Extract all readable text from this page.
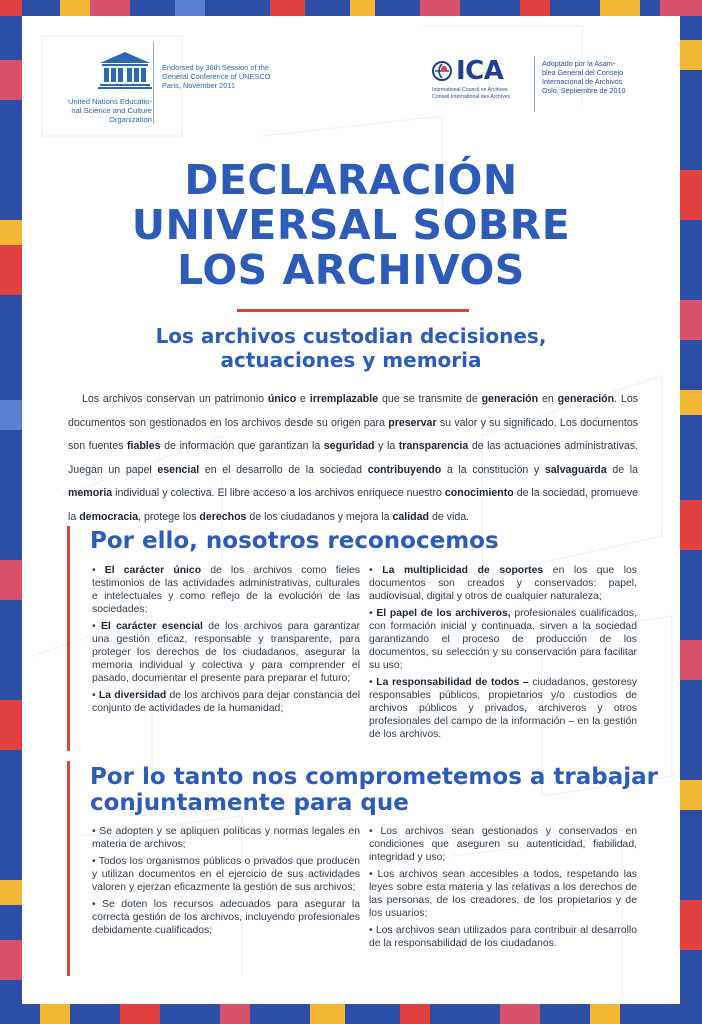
United Nations Educatio-
nal Science and Culture
Organization
Endorsed by 36th Session of the
General Conference of UNESCO
Paris, November 2011	ICA
International Council on Archives
Conseil International des Archives
Adoptado por la Asam-
blea General del Consejo
Internacional de Archivos
Oslo, Septiembre de 2010
DECLARACIÓN
UNIVERSAL SOBRE
LOS ARCHIVOS
Los archivos custodian decisiones,
actuaciones y memoria
Los archivos conservan un patrimonio único e irremplazable que se transmite de generación en generación. Los documentos son gestionados en los archivos desde su origen para preservar su valor y su significado. Los documentos son fuentes fiables de información que garantizan la seguridad y la transparencia de las actuaciones administrativas. Juegan un papel esencial en el desarrollo de la sociedad contribuyendo a la constitución y salvaguarda de la memoria individual y colectiva. El libre acceso a los archivos enriquece nuestro conocimiento de la sociedad, promueve la democracia, protege los derechos de los ciudadanos y mejora la calidad de vida.
Por ello, nosotros reconocemos

• El carácter único de los archivos como fieles testimonios de las actividades administrativas, culturales e intelectuales y como reflejo de la evolución de las sociedades;

• El carácter esencial de los archivos para garantizar una gestión eficaz, responsable y transparente, para proteger los derechos de los ciudadanos, asegurar la memoria individual y colectiva y para comprender el pasado, documentar el presente para preparar el futuro;

• La diversidad de los archivos para dejar constancia del conjunto de actividades de la humanidad;

• La multiplicidad de soportes en los que los documentos son creados y conservados: papel, audiovisual, digital y otros de cualquier naturaleza;

• El papel de los archiveros, profesionales cualificados, con formación inicial y continuada, sirven a la sociedad garantizando el proceso de producción de los documentos, su selección y su conservación para facilitar su uso;

• La responsabilidad de todos – ciudadanos, gestoresy responsables públicos, propietarios y/o custodios de archivos públicos y privados, archiveros y otros profesionales del campo de la información – en la gestión de los archivos.

Por lo tanto nos comprometemos a trabajar
conjuntamente para que

• Se adopten y se apliquen políticas y normas legales en materia de archivos;

• Todos los organismos públicos o privados que producen y utilizan documentos en el ejercicio de sus actividades valoren y ejerzan eficazmente la gestión de sus archivos;

• Se doten los recursos adecuados para asegurar la correcta gestión de los archivos, incluyendo profesionales debidamente cualificados;

• Los archivos sean gestionados y conservados en condiciones que aseguren su autenticidad, fiabilidad, integridad y uso;

• Los archivos sean accesibles a todos, respetando las leyes sobre esta materia y las relativas a los derechos de las personas, de los creadores, de los propietarios y de los usuarios;

• Los archivos sean utilizados para contribuir al desarrollo de la responsabilidad de los ciudadanos.
